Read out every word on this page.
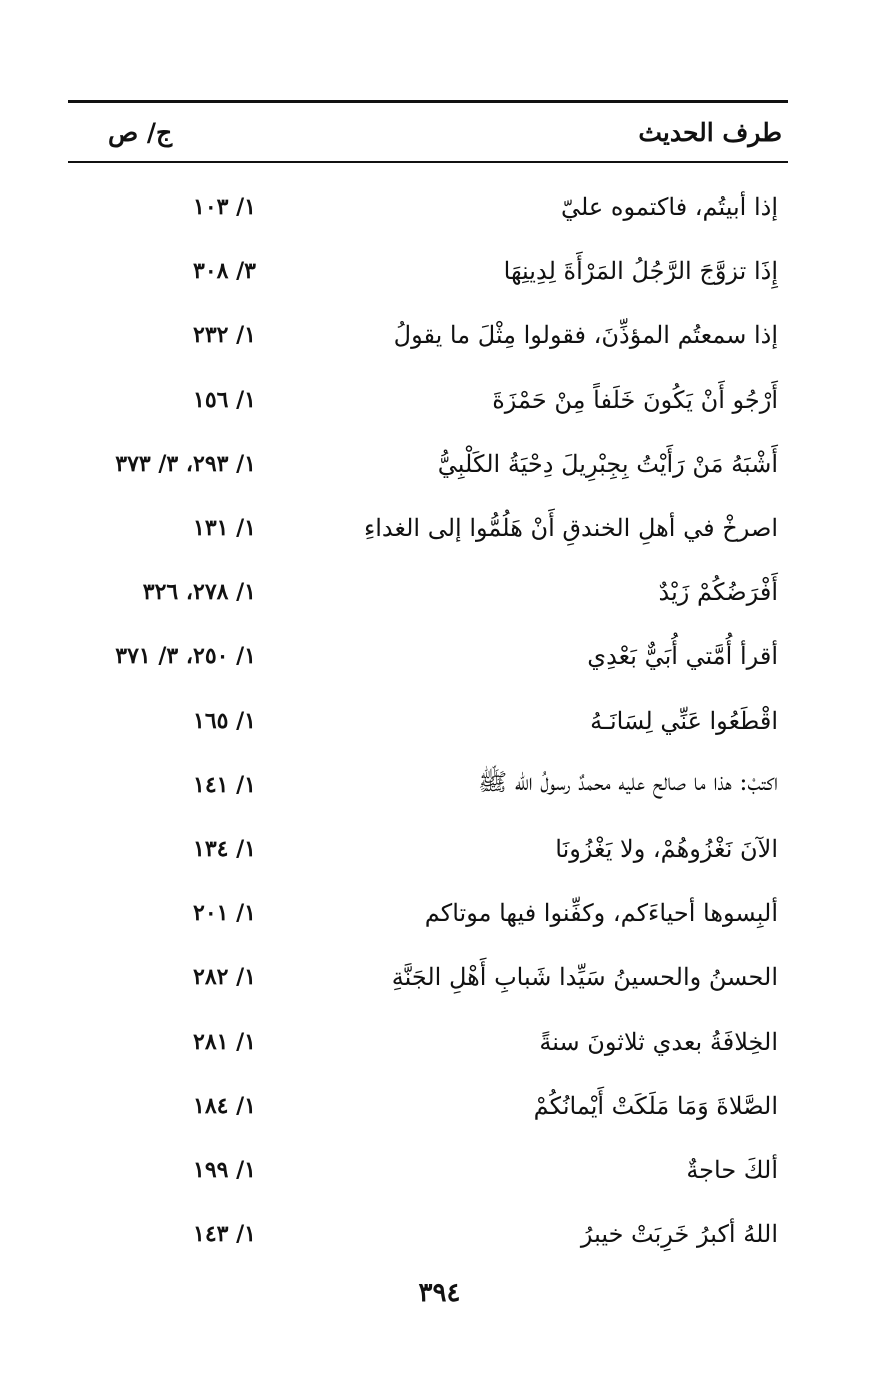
طرف الحديث
ج/ ص
إذا أبيتُم، فاكتموه عليّ
١/ ١٠٣
إِذَا تزوَّجَ الرَّجُلُ المَرْأَةَ لِدِينِهَا
٣/ ٣٠٨
إذا سمعتُم المؤذِّنَ، فقولوا مِثْلَ ما يقولُ
١/ ٢٣٢
أَرْجُو أَنْ يَكُونَ خَلَفاً مِنْ حَمْزَةَ
١/ ١٥٦
أَشْبَهُ مَنْ رَأَيْتُ بِجِبْرِيلَ دِحْيَةُ الكَلْبِيُّ
١/ ٢٩٣، ٣/ ٣٧٣
اصرخْ في أهلِ الخندقِ أَنْ هَلُمُّوا إلى الغداءِ
١/ ١٣١
أَفْرَضُكُمْ زَيْدٌ
١/ ٢٧٨، ٣٢٦
أقرأ أُمَّتي أُبَيٌّ بَعْدِي
١/ ٢٥٠، ٣/ ٣٧١
اقْطَعُوا عَنِّي لِسَانَـهُ
١/ ١٦٥
اكتبْ: هذا ما صالح عليه محمدٌ رسولُ الله ﷺ
١/ ١٤١
الآنَ نَغْزُوهُمْ، ولا يَغْزُونَا
١/ ١٣٤
ألبِسوها أحياءَكم، وكفِّنوا فيها موتاكم
١/ ٢٠١
الحسنُ والحسينُ سَيِّدا شَبابِ أَهْلِ الجَنَّةِ
١/ ٢٨٢
الخِلافَةُ بعدي ثلاثونَ سنةً
١/ ٢٨١
الصَّلاةَ وَمَا مَلَكَتْ أَيْمانُكُمْ
١/ ١٨٤
ألكَ حاجةٌ
١/ ١٩٩
اللهُ أكبرُ خَرِبَتْ خيبرُ
١/ ١٤٣
٣٩٤
